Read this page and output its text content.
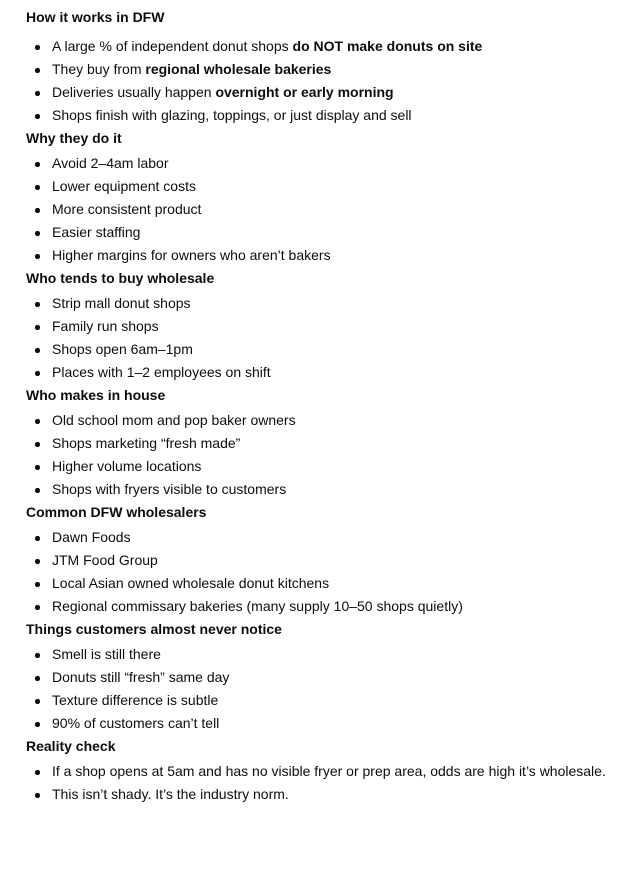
How it works in DFW
A large % of independent donut shops do NOT make donuts on site
They buy from regional wholesale bakeries
Deliveries usually happen overnight or early morning
Shops finish with glazing, toppings, or just display and sell
Why they do it
Avoid 2–4am labor
Lower equipment costs
More consistent product
Easier staffing
Higher margins for owners who aren’t bakers
Who tends to buy wholesale
Strip mall donut shops
Family run shops
Shops open 6am–1pm
Places with 1–2 employees on shift
Who makes in house
Old school mom and pop baker owners
Shops marketing “fresh made”
Higher volume locations
Shops with fryers visible to customers
Common DFW wholesalers
Dawn Foods
JTM Food Group
Local Asian owned wholesale donut kitchens
Regional commissary bakeries (many supply 10–50 shops quietly)
Things customers almost never notice
Smell is still there
Donuts still “fresh” same day
Texture difference is subtle
90% of customers can’t tell
Reality check
If a shop opens at 5am and has no visible fryer or prep area, odds are high it’s wholesale.
This isn’t shady. It’s the industry norm.
